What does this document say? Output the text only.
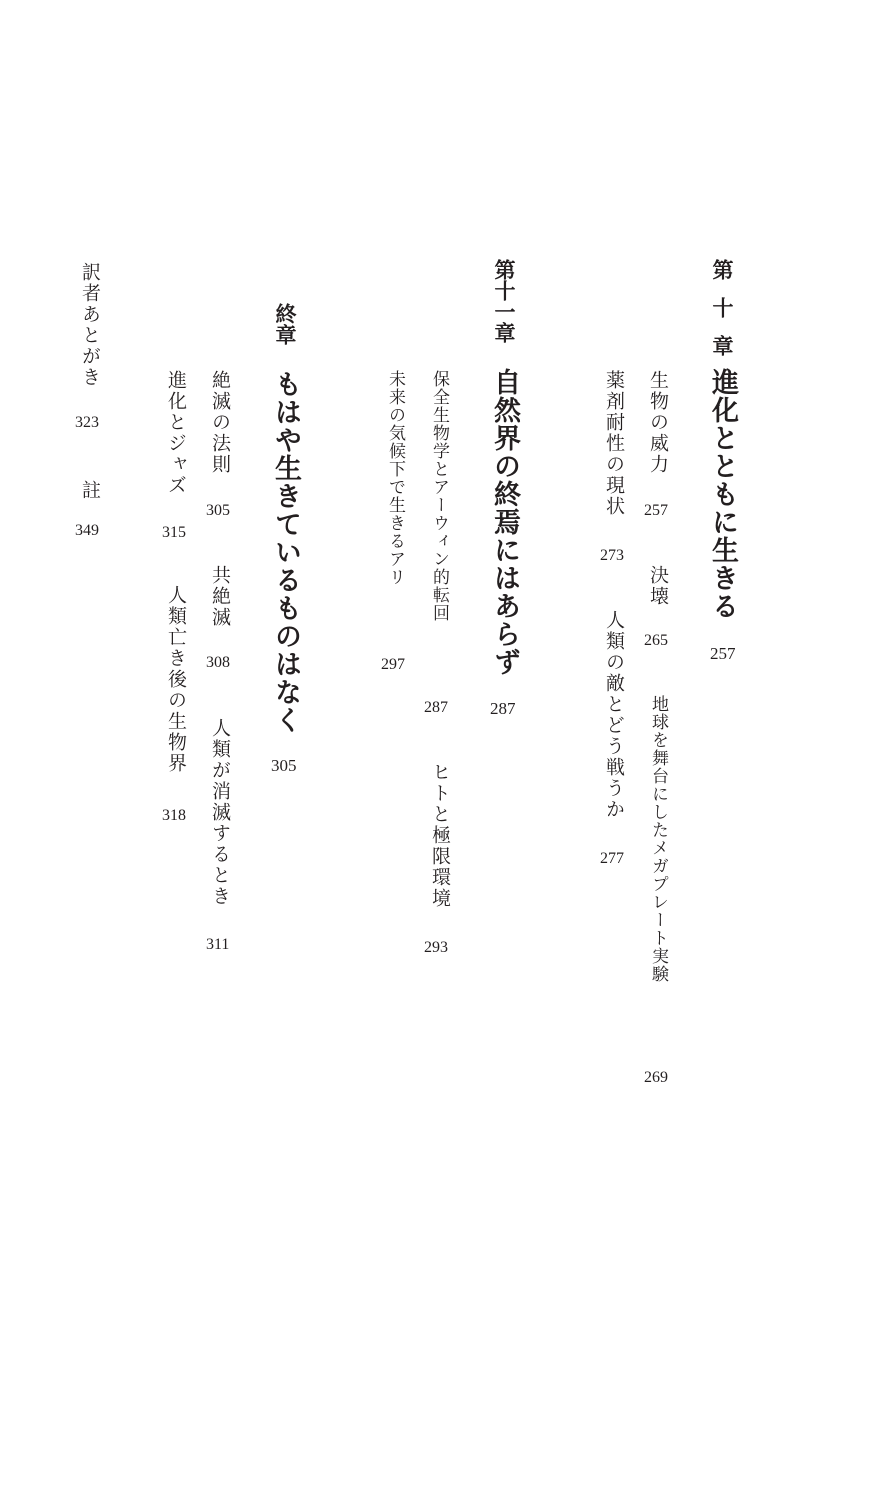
第十章
進化とともに生きる
257
生物の威力
257
決壊
265
地球を舞台にしたメガプレート実験
269
薬剤耐性の現状
273
人類の敵とどう戦うか
277
第十一章
自然界の終焉にはあらず
287
保全生物学とアーウィン的転回
287
ヒトと極限環境
293
未来の気候下で生きるアリ
297
終章
もはや生きているものはなく
305
絶滅の法則
305
共絶滅
308
人類が消滅するとき
311
進化とジャズ
315
人類亡き後の生物界
318
訳者あとがき
323
註
349
